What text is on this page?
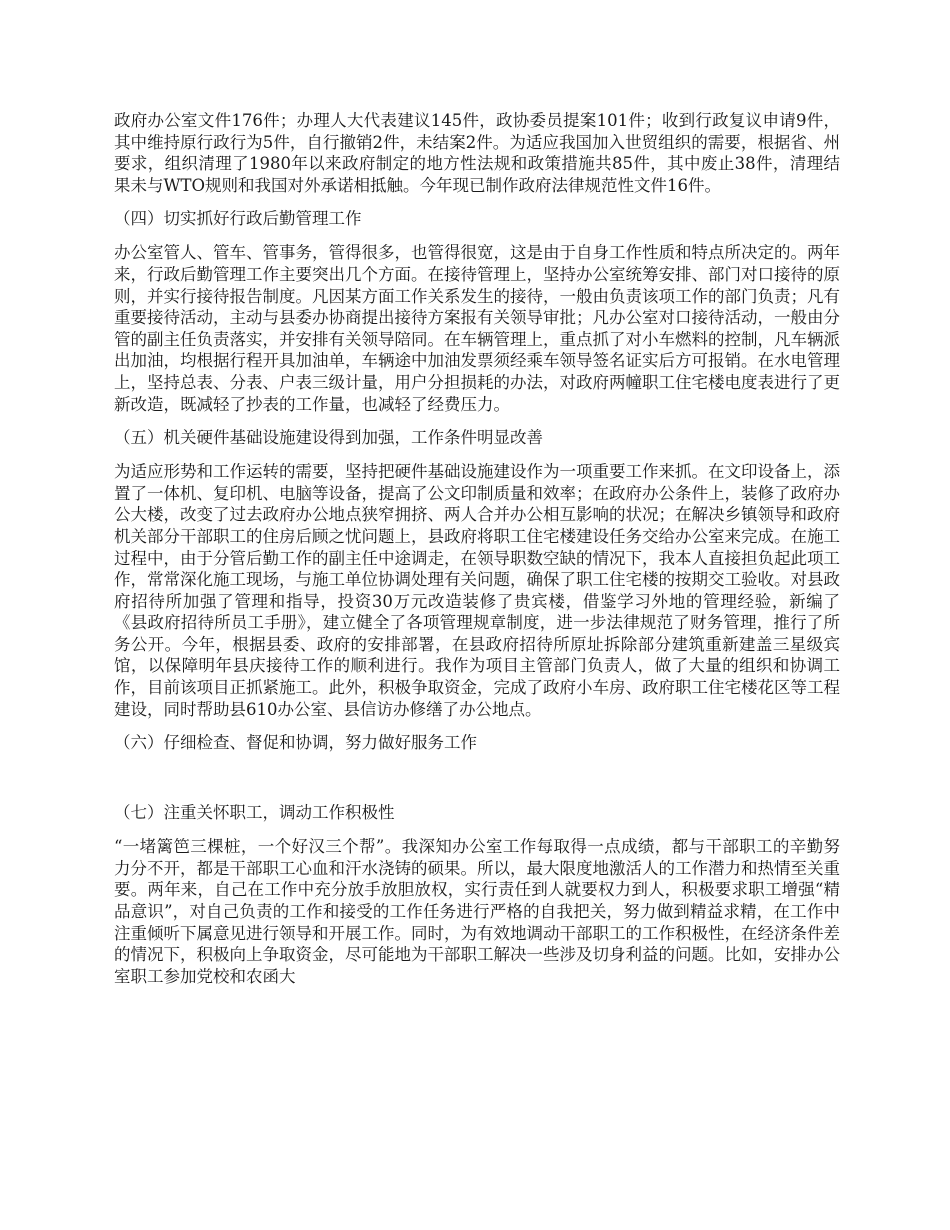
政府办公室文件176件；办理人大代表建议145件，政协委员提案101件；收到行政复议申请9件，其中维持原行政行为5件，自行撤销2件，未结案2件。为适应我国加入世贸组织的需要，根据省、州要求，组织清理了1980年以来政府制定的地方性法规和政策措施共85件，其中废止38件，清理结果未与WTO规则和我国对外承诺相抵触。今年现已制作政府法律规范性文件16件。

（四）切实抓好行政后勤管理工作

办公室管人、管车、管事务，管得很多，也管得很宽，这是由于自身工作性质和特点所决定的。两年来，行政后勤管理工作主要突出几个方面。在接待管理上，坚持办公室统筹安排、部门对口接待的原则，并实行接待报告制度。凡因某方面工作关系发生的接待，一般由负责该项工作的部门负责；凡有重要接待活动，主动与县委办协商提出接待方案报有关领导审批；凡办公室对口接待活动，一般由分管的副主任负责落实，并安排有关领导陪同。在车辆管理上，重点抓了对小车燃料的控制，凡车辆派出加油，均根据行程开具加油单，车辆途中加油发票须经乘车领导签名证实后方可报销。在水电管理上，坚持总表、分表、户表三级计量，用户分担损耗的办法，对政府两幢职工住宅楼电度表进行了更新改造，既减轻了抄表的工作量，也减轻了经费压力。

（五）机关硬件基础设施建设得到加强，工作条件明显改善

为适应形势和工作运转的需要，坚持把硬件基础设施建设作为一项重要工作来抓。在文印设备上，添置了一体机、复印机、电脑等设备，提高了公文印制质量和效率；在政府办公条件上，装修了政府办公大楼，改变了过去政府办公地点狭窄拥挤、两人合并办公相互影响的状况；在解决乡镇领导和政府机关部分干部职工的住房后顾之忧问题上，县政府将职工住宅楼建设任务交给办公室来完成。在施工过程中，由于分管后勤工作的副主任中途调走，在领导职数空缺的情况下，我本人直接担负起此项工作，常常深化施工现场，与施工单位协调处理有关问题，确保了职工住宅楼的按期交工验收。对县政府招待所加强了管理和指导，投资30万元改造装修了贵宾楼，借鉴学习外地的管理经验，新编了《县政府招待所员工手册》，建立健全了各项管理规章制度，进一步法律规范了财务管理，推行了所务公开。今年，根据县委、政府的安排部署，在县政府招待所原址拆除部分建筑重新建盖三星级宾馆，以保障明年县庆接待工作的顺利进行。我作为项目主管部门负责人，做了大量的组织和协调工作，目前该项目正抓紧施工。此外，积极争取资金，完成了政府小车房、政府职工住宅楼花区等工程建设，同时帮助县610办公室、县信访办修缮了办公地点。

（六）仔细检查、督促和协调，努力做好服务工作

（七）注重关怀职工，调动工作积极性

“一堵篱笆三棵桩，一个好汉三个帮”。我深知办公室工作每取得一点成绩，都与干部职工的辛勤努力分不开，都是干部职工心血和汗水浇铸的硕果。所以，最大限度地激活人的工作潜力和热情至关重要。两年来，自己在工作中充分放手放胆放权，实行责任到人就要权力到人，积极要求职工增强“精品意识”，对自己负责的工作和接受的工作任务进行严格的自我把关，努力做到精益求精，在工作中注重倾听下属意见进行领导和开展工作。同时，为有效地调动干部职工的工作积极性，在经济条件差的情况下，积极向上争取资金，尽可能地为干部职工解决一些涉及切身利益的问题。比如，安排办公室职工参加党校和农函大
